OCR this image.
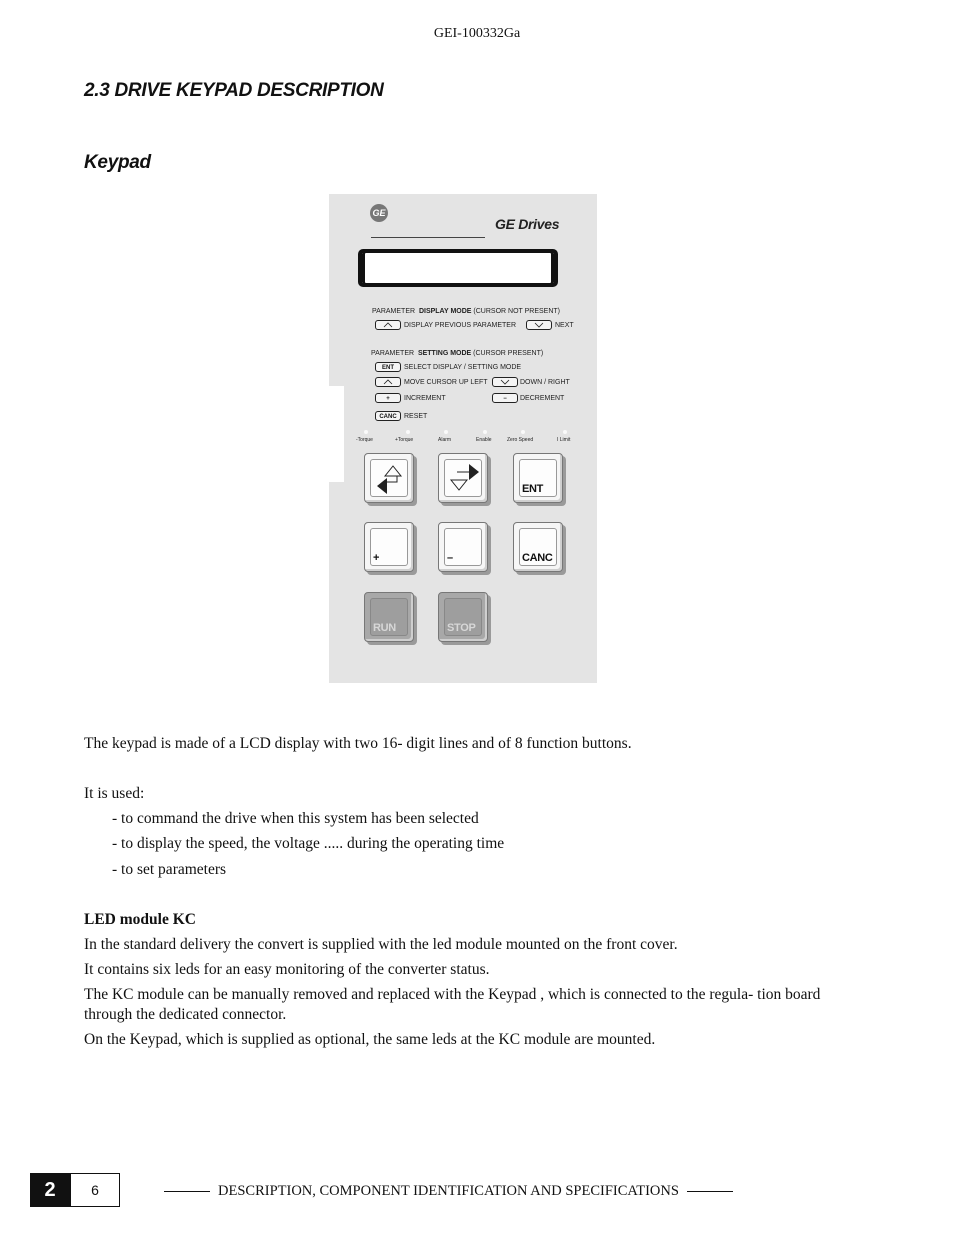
GEI-100332Ga
2.3 DRIVE KEYPAD DESCRIPTION
Keypad
GE
GE Drives
PARAMETER DISPLAY MODE (CURSOR NOT PRESENT)
DISPLAY PREVIOUS PARAMETER	NEXT
PARAMETER SETTING MODE (CURSOR PRESENT)
ENT	SELECT DISPLAY / SETTING MODE
MOVE CURSOR UP LEFT	DOWN / RIGHT
+	INCREMENT	−	DECREMENT
CANC	RESET
-Torque	+Torque	Alarm	Enable	Zero Speed	I Limit
ENT
+	–	CANC
RUN	STOP
The keypad is made of a LCD display with two 16- digit lines and of 8 function buttons.
It is used:
- to command the drive when this system has been selected
- to display the speed, the voltage ..... during the operating time
- to set parameters
LED module KC
In the standard delivery the convert is supplied with the led module mounted on the front cover.
It contains six leds for an easy monitoring of the converter status.
The KC module can be manually removed and replaced with the Keypad , which is connected to the regula- tion board through the dedicated connector.
On the Keypad, which is supplied as optional, the same leds at the KC module are mounted.
2	6	DESCRIPTION, COMPONENT IDENTIFICATION AND SPECIFICATIONS
